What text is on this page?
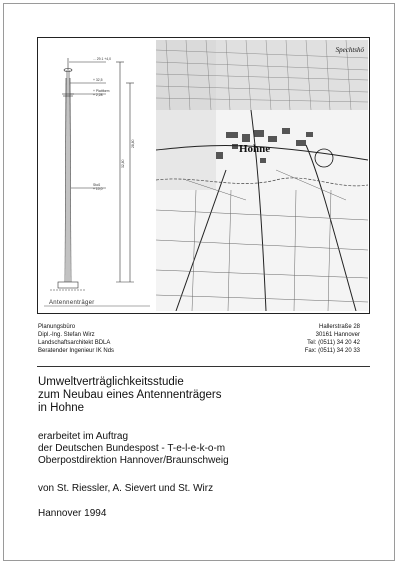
... 29.1 +4,0
+ 32,5
+ Plattform
+ 2,28
Stoß
+ 10,0
32,80
28,80
Antennenträger
Hohne
Spechtshö
Planungsbüro
Dipl.-Ing. Stefan Wirz
Landschaftsarchitekt BDLA
Beratender Ingenieur IK Nds
Hallerstraße 28
30161 Hannover
Tel: (0511) 34 20 42
Fax: (0511) 34 20 33
Umweltverträglichkeitsstudie
zum Neubau eines Antennenträgers
in Hohne
erarbeitet im Auftrag
der Deutschen Bundespost - T-e-l-e-k-o-m
Oberpostdirektion Hannover/Braunschweig
von St. Riessler, A. Sievert und St. Wirz
Hannover 1994
